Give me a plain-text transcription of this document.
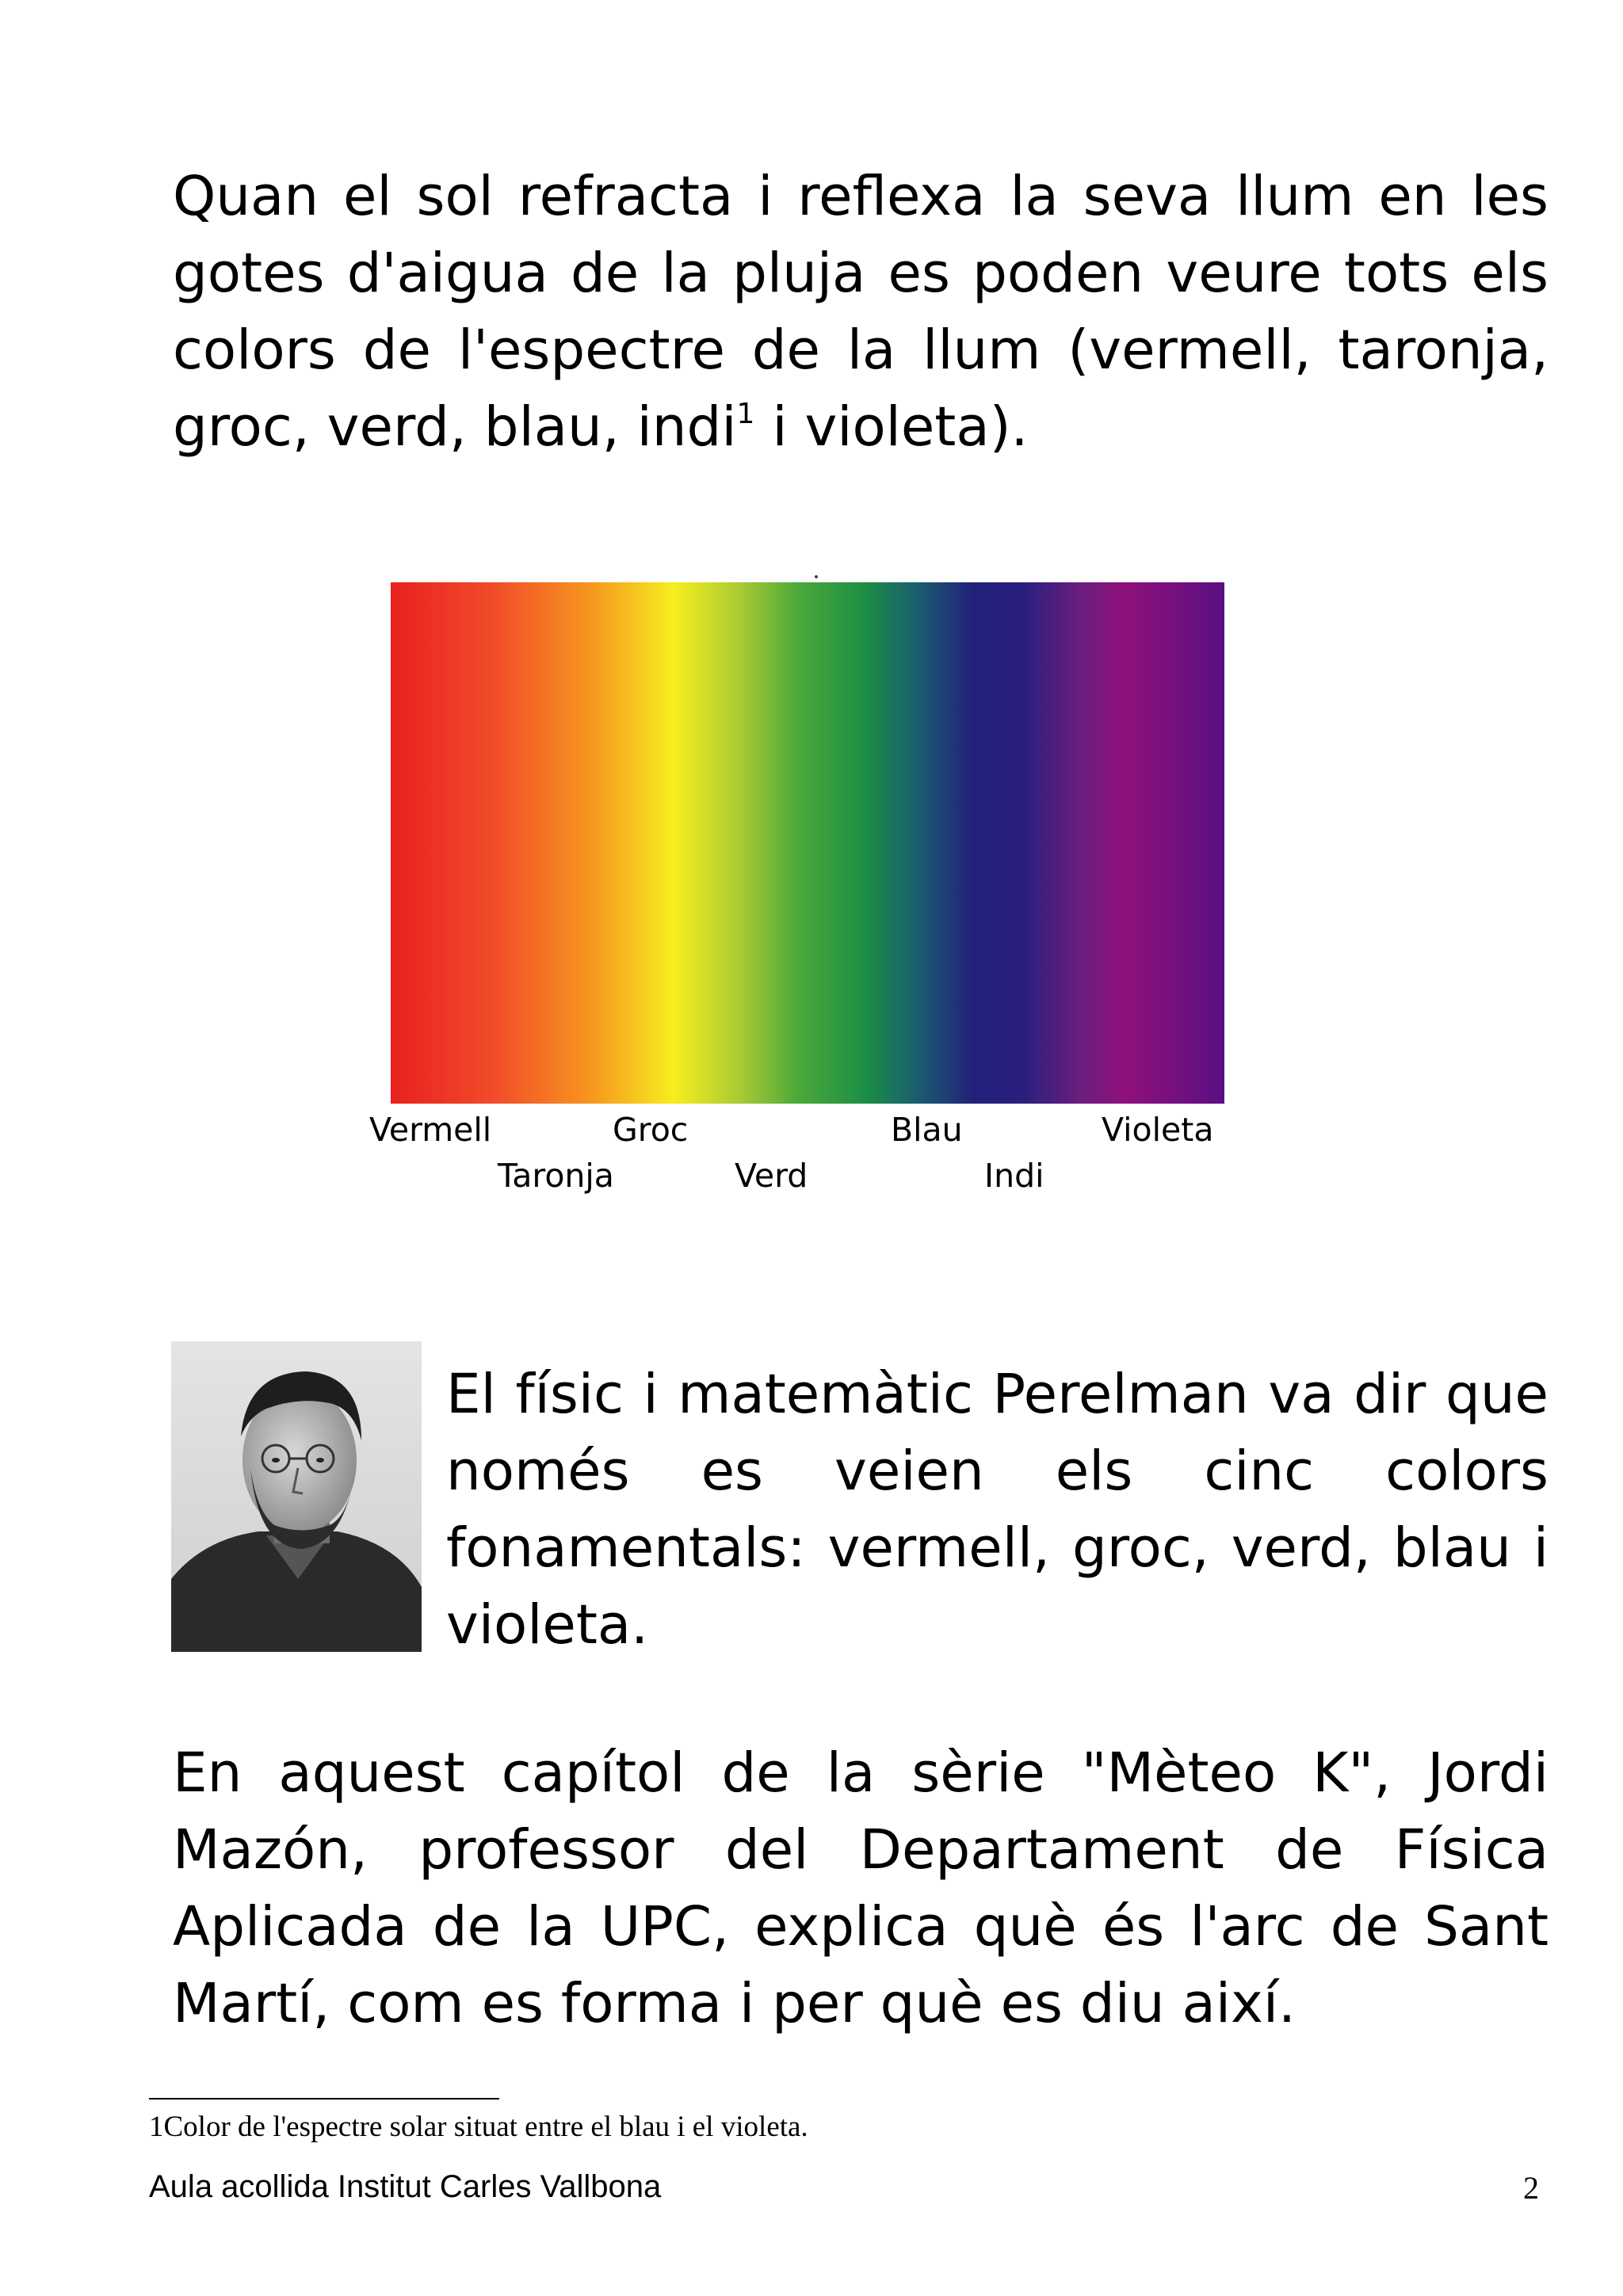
Quan el sol refracta i reflexa la seva llum en les gotes d'aigua de la pluja es poden veure tots els colors de l'espectre de la llum (vermell, taronja, groc, verd, blau, indi$^1$ i violeta).
Vermell	Groc	Blau	Violeta
Taronja	Verd	Indi
El físic i matemàtic Perelman va dir que només es veien els cinc colors fonamentals: vermell, groc, verd, blau i violeta.
En aquest capítol de la sèrie "Mèteo K", Jordi Mazón, professor del Departament de Física Aplicada de la UPC, explica què és l'arc de Sant Martí, com es forma i per què es diu així.
1Color de l'espectre solar situat entre el blau i el violeta.
Aula acollida Institut Carles Vallbona	2
